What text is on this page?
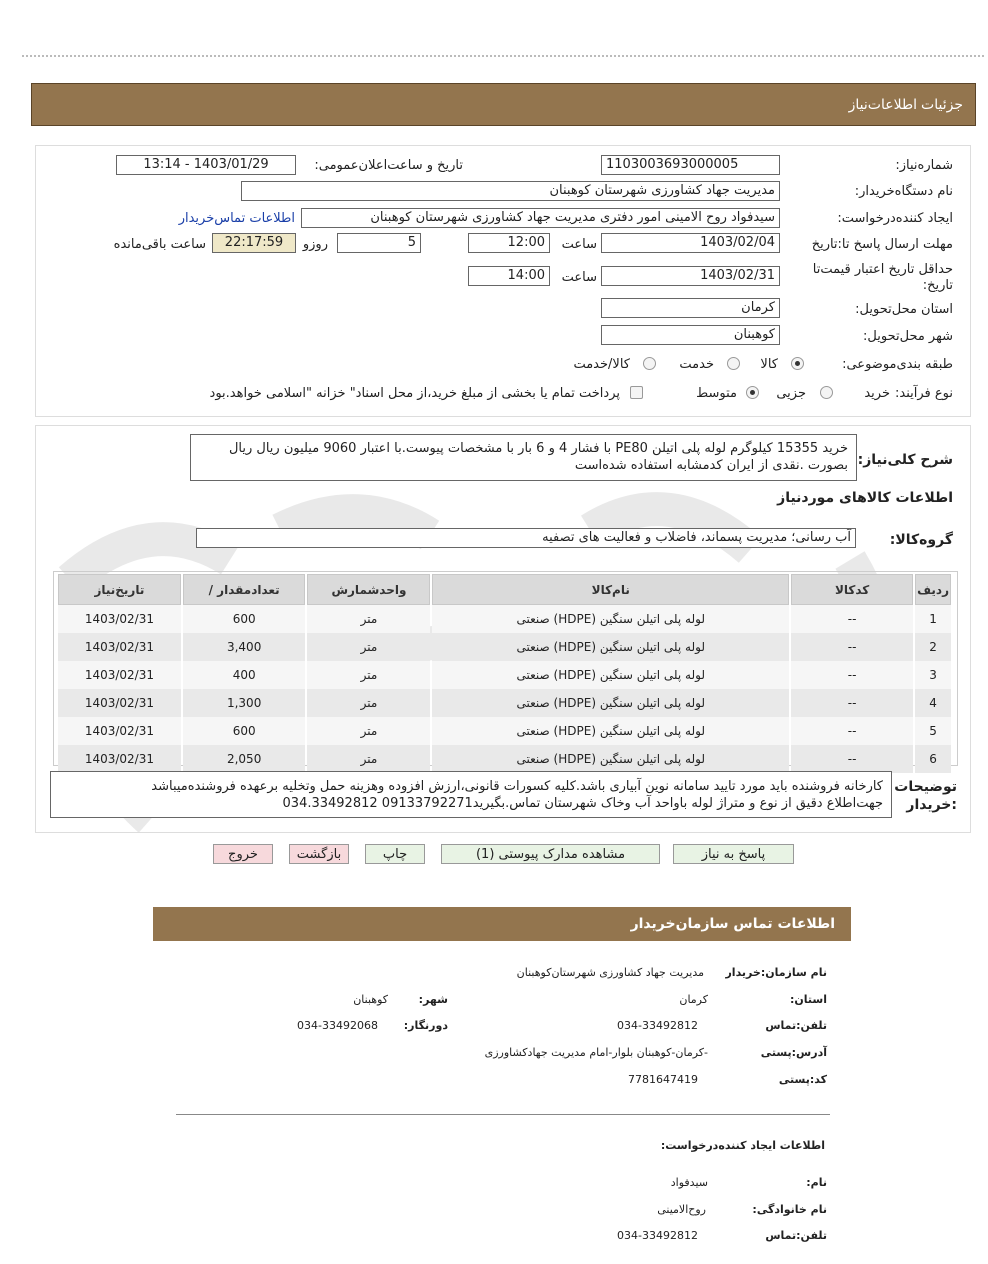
جزئیات
اطلاعات‌نیاز
شماره‌نیاز:
1103003693000005
تاریخ و ساعت‌اعلان‌عمومی:
1403/01/29 - 13:14
نام دستگاه‌خریدار:
مدیریت جهاد کشاورزی شهرستان کوهبنان
ایجاد کننده‌درخواست:
سیدفواد روح الامینی امور دفتری مدیریت جهاد کشاورزی شهرستان کوهبنان
اطلاعات تماس‌خریدار
مهلت ارسال پاسخ تا:تاریخ
1403/02/04
ساعت
12:00
5
روزو
22:17:59
ساعت باقی‌مانده
حداقل تاریخ اعتبار قیمت‌تا
تاریخ:
1403/02/31
ساعت
14:00
استان محل‌تحویل:
کرمان
شهر محل‌تحویل:
کوهبنان
طبقه بندی‌موضوعی:
کالا
خدمت
کالا/خدمت
نوع فرآیند:
خرید
جزیی
متوسط
پرداخت تمام یا بخشی از مبلغ خرید،از محل اسناد" خزانه "اسلامی خواهد.بود
شرح کلی‌نیاز:
خرید 15355 کیلوگرم لوله پلی اتیلن PE80 با فشار 4 و 6 بار با مشخصات پیوست.با اعتبار 9060 میلیون ریال ریال
بصورت .نقدی از ایران کدمشابه استفاده شده‌است
اطلاعات کالاهای موردنیاز
گروه‌کالا:
آب رسانی؛ مدیریت پسماند، فاضلاب و فعالیت های تصفیه
ردیف	کدکالا	نام‌کالا	واحدشمارش	تعدادمقدار /	تاریخ‌نیاز
1	--	لوله پلی اتیلن سنگین (HDPE) صنعتی	متر	600	1403/02/31
2	--	لوله پلی اتیلن سنگین (HDPE) صنعتی	متر	3,400	1403/02/31
3	--	لوله پلی اتیلن سنگین (HDPE) صنعتی	متر	400	1403/02/31
4	--	لوله پلی اتیلن سنگین (HDPE) صنعتی	متر	1,300	1403/02/31
5	--	لوله پلی اتیلن سنگین (HDPE) صنعتی	متر	600	1403/02/31
6	--	لوله پلی اتیلن سنگین (HDPE) صنعتی	متر	2,050	1403/02/31
توضیحات
:خریدار
کارخانه فروشنده باید مورد تایید سامانه نوین آبیاری باشد.کلیه کسورات قانونی،ارزش افزوده وهزینه حمل وتخلیه برعهده فروشنده‌میباشد
جهت‌اطلاع دقیق از نوع و متراژ لوله باواحد آب وخاک شهرستان تماس.بگیرید09133792271 034.33492812
پاسخ به نیاز
مشاهده مدارک پیوستی (1)
چاپ
بازگشت
خروج
اطلاعات تماس سازمان‌خریدار
نام سازمان:خریدار
مدیریت جهاد کشاورزی شهرستان‌کوهبنان
استان:
کرمان
شهر:
کوهبنان
تلفن:تماس
034-33492812
دورنگار:
034-33492068
آدرس:پستی
-کرمان-کوهبنان بلوار-امام مدیریت جهادکشاورزی
کد:پستی
7781647419
اطلاعات ایجاد کننده‌درخواست:
نام:
سیدفواد
نام خانوادگی:
روح‌الامینی
تلفن:تماس
034-33492812
